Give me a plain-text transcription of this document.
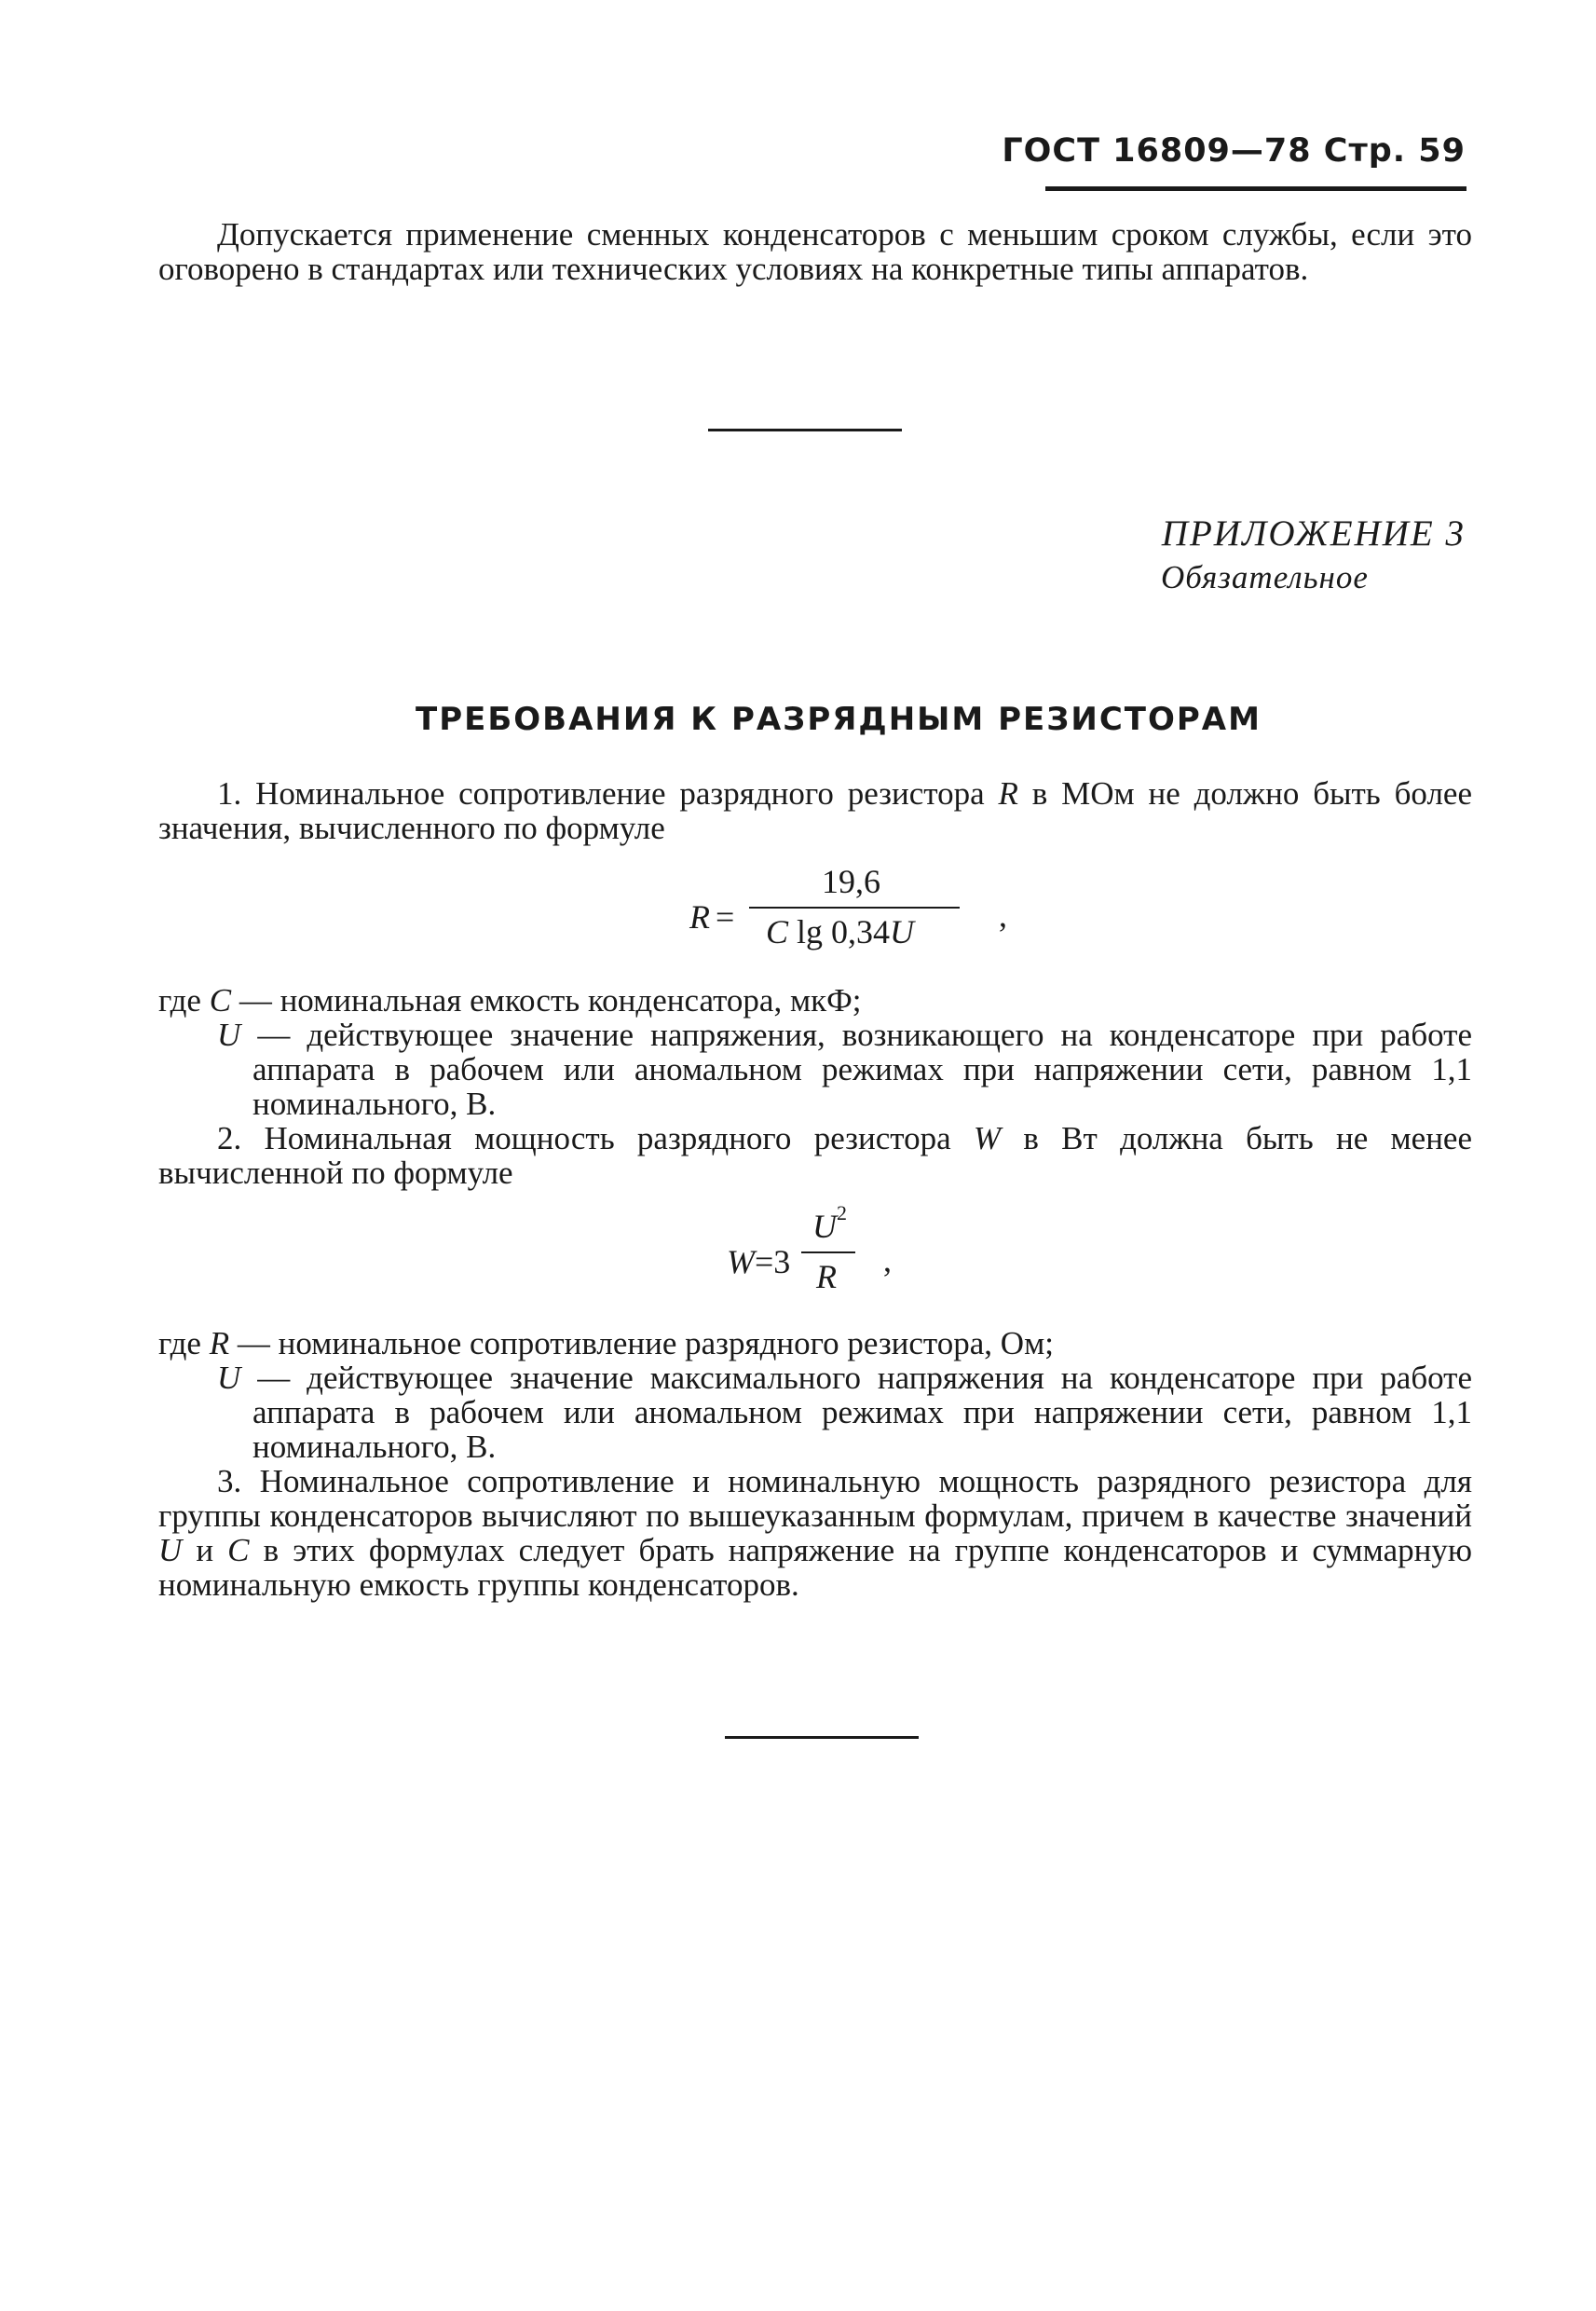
ГОСТ 16809—78 Стр. 59
Допускается применение сменных конденсаторов с меньшим сроком службы, если это оговорено в стандартах или технических условиях на конкретные типы аппаратов.
ПРИЛОЖЕНИЕ 3
Обязательное
ТРЕБОВАНИЯ К РАЗРЯДНЫМ РЕЗИСТОРАМ
1. Номинальное сопротивление разрядного резистора R в МОм не должно быть более значения, вычисленного по формуле
R =
19,6
C lg 0,34U	,
где C — номинальная емкость конденсатора, мкФ;
U — действующее значение напряжения, возникающего на конденсаторе при работе аппарата в рабочем или аномальном режимах при напряжении сети, равном 1,1 номинального, В.
2. Номинальная мощность разрядного резистора W в Вт должна быть не менее вычисленной по формуле
W =3
U 2
R ,
где R — номинальное сопротивление разрядного резистора, Ом;
U — действующее значение максимального напряжения на конденсаторе при работе аппарата в рабочем или аномальном режимах при напряжении сети, равном 1,1 номинального, В.
3. Номинальное сопротивление и номинальную мощность разрядного резистора для группы конденсаторов вычисляют по вышеуказанным формулам, причем в качестве значений U и C в этих формулах следует брать напряжение на группе конденсаторов и суммарную номинальную емкость группы конденсаторов.
